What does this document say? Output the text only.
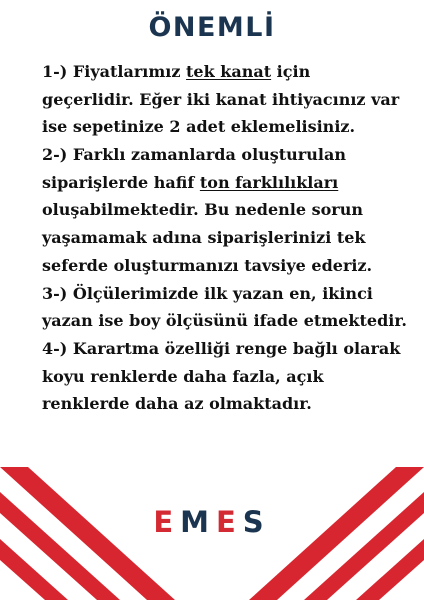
ÖNEMLİ
1-) Fiyatlarımız tek kanat için
geçerlidir. Eğer iki kanat ihtiyacınız var
ise sepetinize 2 adet eklemelisiniz.
2-) Farklı zamanlarda oluşturulan
siparişlerde hafif ton farklılıkları
oluşabilmektedir. Bu nedenle sorun
yaşamamak adına siparişlerinizi tek
seferde oluşturmanızı tavsiye ederiz.
3-) Ölçülerimizde ilk yazan en, ikinci
yazan ise boy ölçüsünü ifade etmektedir.
4-) Karartma özelliği renge bağlı olarak
koyu renklerde daha fazla, açık
renklerde daha az olmaktadır.
EMES
